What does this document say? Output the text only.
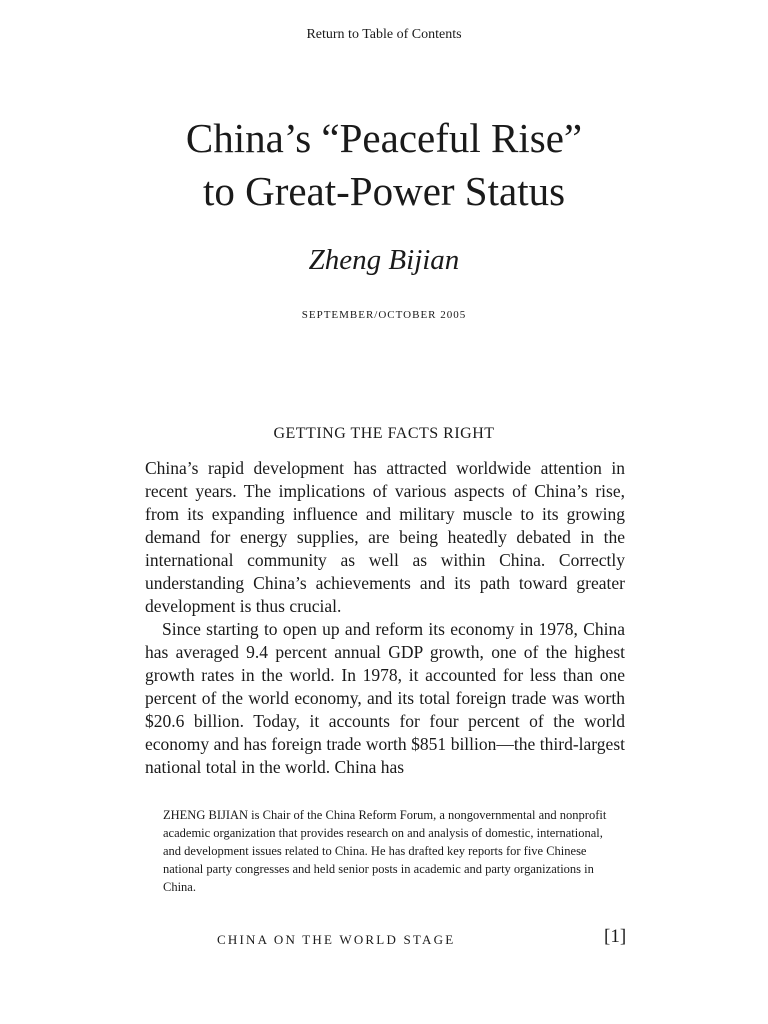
Return to Table of Contents
China’s “Peaceful Rise”
to Great-Power Status
Zheng Bijian
SEPTEMBER/OCTOBER 2005
GETTING THE FACTS RIGHT

China’s rapid development has attracted worldwide attention in recent years. The implications of various aspects of China’s rise, from its expanding influence and military muscle to its growing demand for energy supplies, are being heatedly debated in the international community as well as within China. Correctly understanding China’s achievements and its path toward greater development is thus crucial.

Since starting to open up and reform its economy in 1978, China has averaged 9.4 percent annual GDP growth, one of the highest growth rates in the world. In 1978, it accounted for less than one percent of the world economy, and its total foreign trade was worth $20.6 billion. Today, it accounts for four percent of the world economy and has foreign trade worth $851 billion—the third-largest national total in the world. China has

ZHENG BIJIAN is Chair of the China Reform Forum, a nongovernmental and nonprofit academic organization that provides research on and analysis of domestic, international, and development issues related to China. He has drafted key reports for five Chinese national party congresses and held senior posts in academic and party organizations in China.

CHINA ON THE WORLD STAGE	[1]
